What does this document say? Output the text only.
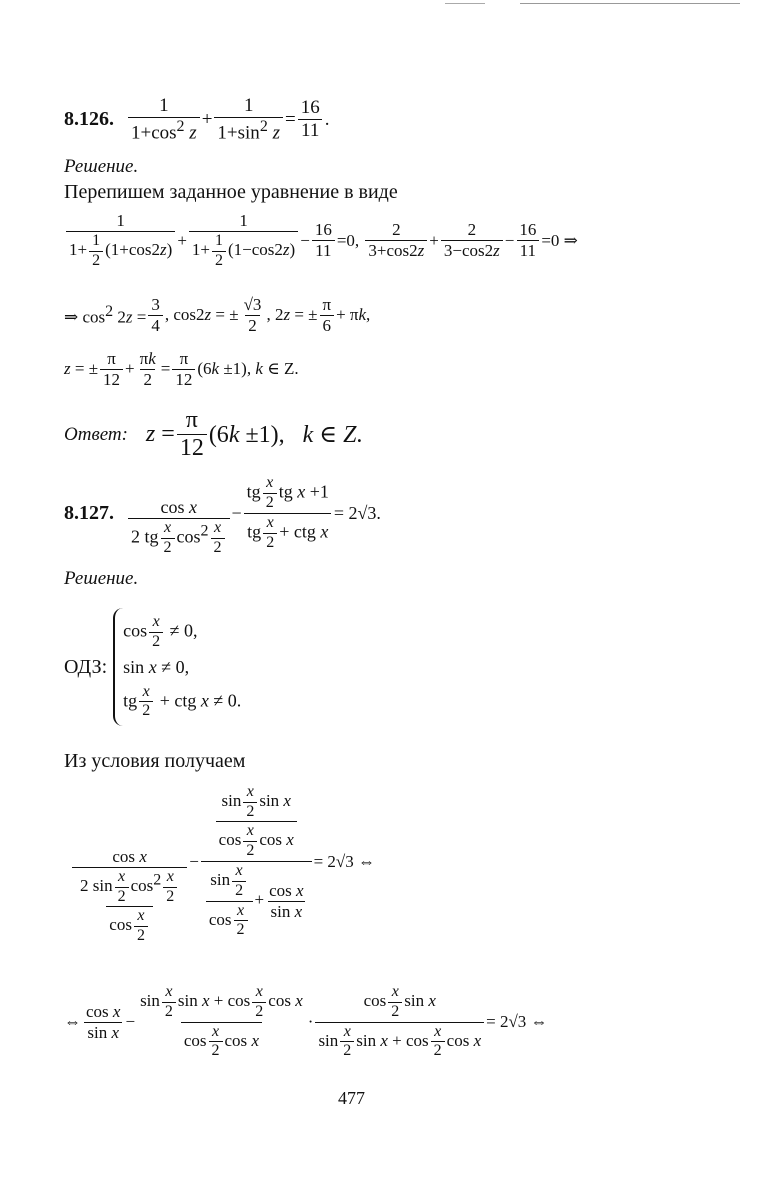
8.126.
1
$1+\cos^2$ z
+ $\frac{1}{1+\sin^2 z} = \frac{16}{11}$ .
Решение.
Перепишем заданное уравнение в виде
1
$1+ \frac{1}{2} (1+\cos 2z) + \frac{1}{1+ \frac{1}{2} (1-\cos 2z)} - \frac{16}{11} =0$,
2
3+cos2z
+ $\frac{2}{3-\cos 2z} - \frac{16}{11} =0$ ⇒
⇒ $\cos^2 2z = \frac{3}{4}$ , cos2z = ± $\frac{√3}{2}$ , 2z = ± $\frac{\pi}{6} + \pi k$,
z = ± $\frac{\pi}{12} + \frac{\pi k}{2} = \frac{\pi}{12} (6k \pm 1)$, k ∈ Z.
Ответ: $z = \frac{\pi}{12} (6k \pm 1)$,   k ∈ Z.
8.127.	cos x
2 tg $\frac{x}{2} \cos^2 \frac{x}{2}$
−
tg $\frac{x}{2}$ tg x +1
tg $\frac{x}{2}$ + ctg x
= 2√3.
Решение.
ОДЗ:
$\cos \frac{x}{2} \ne 0$,
sin x ≠ 0,
tg $\frac{x}{2}$ + ctg x ≠ 0.
Из условия получаем
cos x
$\frac{2 \sin \frac{x}{2} \cos^2 \frac{x}{2}}{\cos \frac{x}{2}}$
− $\frac{\frac{\sin \frac{x}{2} \sin x}{\cos \frac{x}{2} \cos x}}{\frac{\sin \frac{x}{2}}{\cos \frac{x}{2}} + \frac{\text{cos x}}{\text{sin x}}} = 2√3$ ⇔
⇔
cos x
sin x
− $\frac{\sin \frac{x}{2} \sin x + \cos \frac{x}{2} \cos x}{\cos \frac{x}{2} \cos x} \cdot \frac{\cos \frac{x}{2} \sin x}{\sin \frac{x}{2} \sin x + \cos \frac{x}{2} \cos x} = 2√3$ ⇔
477
